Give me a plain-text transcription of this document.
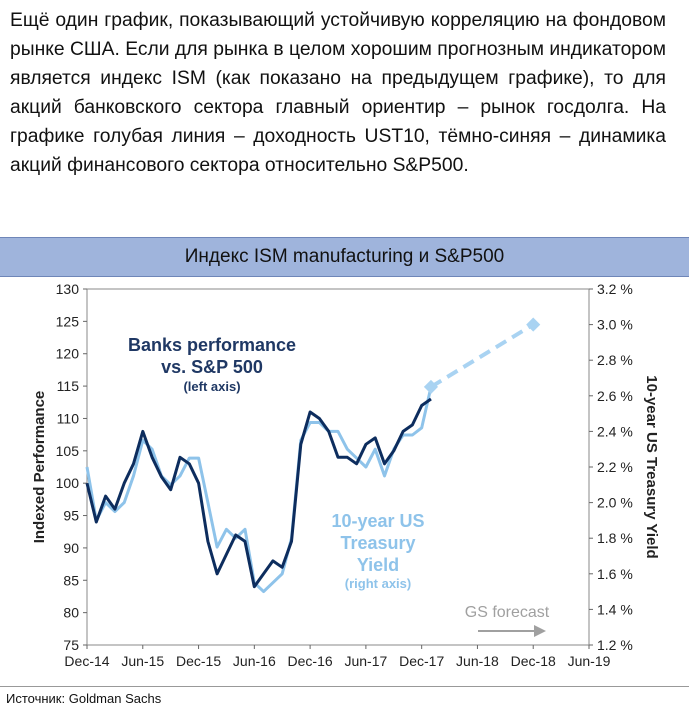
Ещё один график, показывающий устойчивую корреляцию на фондовом рынке США. Если для рынка в целом хорошим прогнозным индикатором является индекс ISM (как показано на предыдущем графике), то для акций банковского сектора главный ориентир – рынок госдолга. На графике голубая линия – доходность UST10, тёмно-синяя – динамика акций финансового сектора относительно S&P500.
Индекс ISM manufacturing и S&P500
75
80
85
90
95
100
105
110
115
120
125
130
1.2 %
1.4 %
1.6 %
1.8 %
2.0 %
2.2 %
2.4 %
2.6 %
2.8 %
3.0 %
3.2 %
Dec-14 Jun-15 Dec-15 Jun-16 Dec-16 Jun-17 Dec-17 Jun-18 Dec-18 Jun-19
Indexed Performance	10-year US Treasury Yield
Banks performance
vs. S&P 500
(left axis)
10-year US
Treasury
Yield
(right axis)
GS forecast
Источник: Goldman Sachs
